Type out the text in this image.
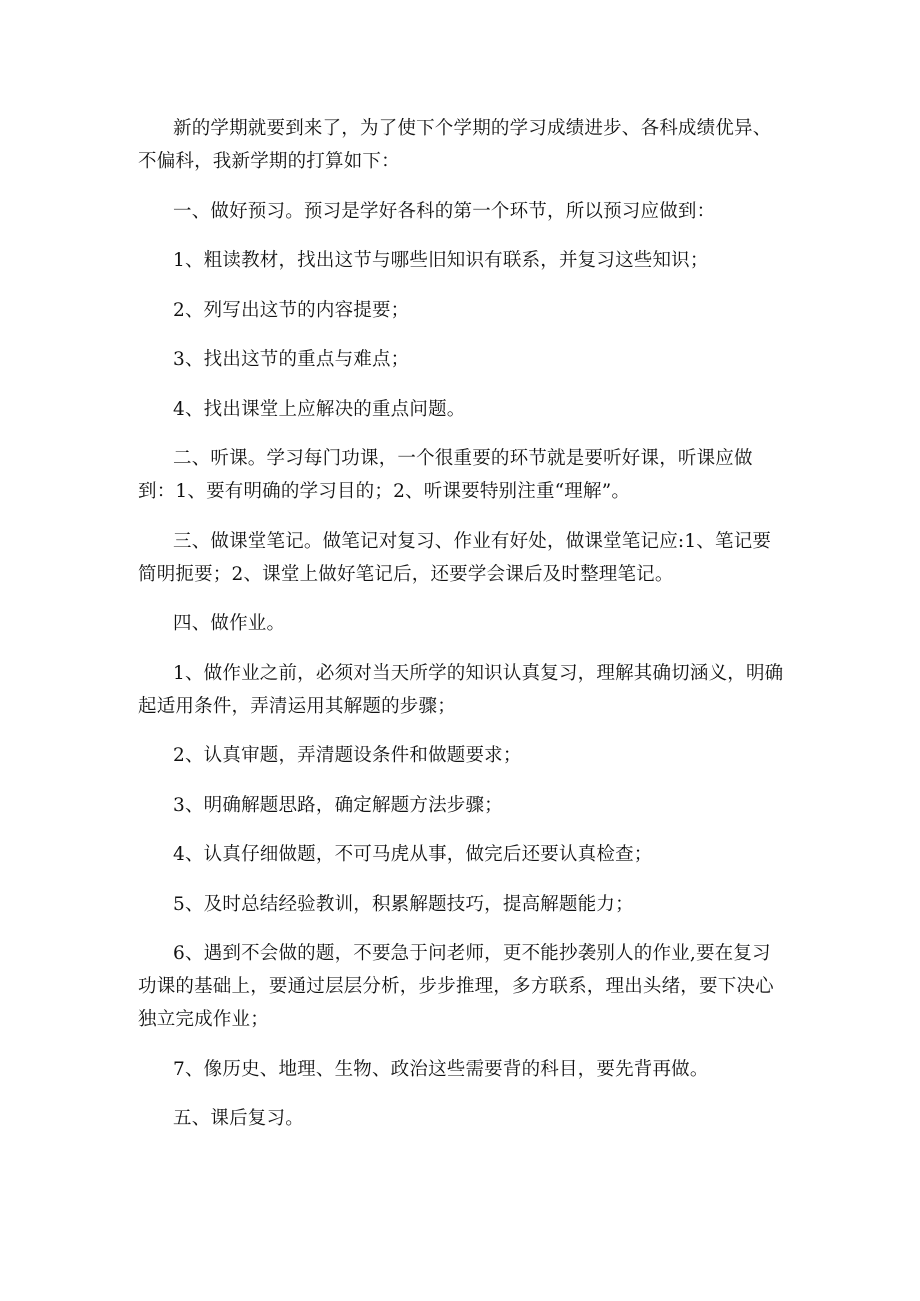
新的学期就要到来了，为了使下个学期的学习成绩进步、各科成绩优异、不偏科，我新学期的打算如下：

一、做好预习。预习是学好各科的第一个环节，所以预习应做到：

1、粗读教材，找出这节与哪些旧知识有联系，并复习这些知识；

2、列写出这节的内容提要；

3、找出这节的重点与难点；

4、找出课堂上应解决的重点问题。

二、听课。学习每门功课，一个很重要的环节就是要听好课，听课应做到：1、要有明确的学习目的；2、听课要特别注重“理解”。

三、做课堂笔记。做笔记对复习、作业有好处，做课堂笔记应:1、笔记要简明扼要；2、课堂上做好笔记后，还要学会课后及时整理笔记。

四、做作业。

1、做作业之前，必须对当天所学的知识认真复习，理解其确切涵义，明确起适用条件，弄清运用其解题的步骤；

2、认真审题，弄清题设条件和做题要求；

3、明确解题思路，确定解题方法步骤；

4、认真仔细做题，不可马虎从事，做完后还要认真检查；

5、及时总结经验教训，积累解题技巧，提高解题能力；

6、遇到不会做的题，不要急于问老师，更不能抄袭别人的作业,要在复习功课的基础上，要通过层层分析，步步推理，多方联系，理出头绪，要下决心独立完成作业；

7、像历史、地理、生物、政治这些需要背的科目，要先背再做。

五、课后复习。
